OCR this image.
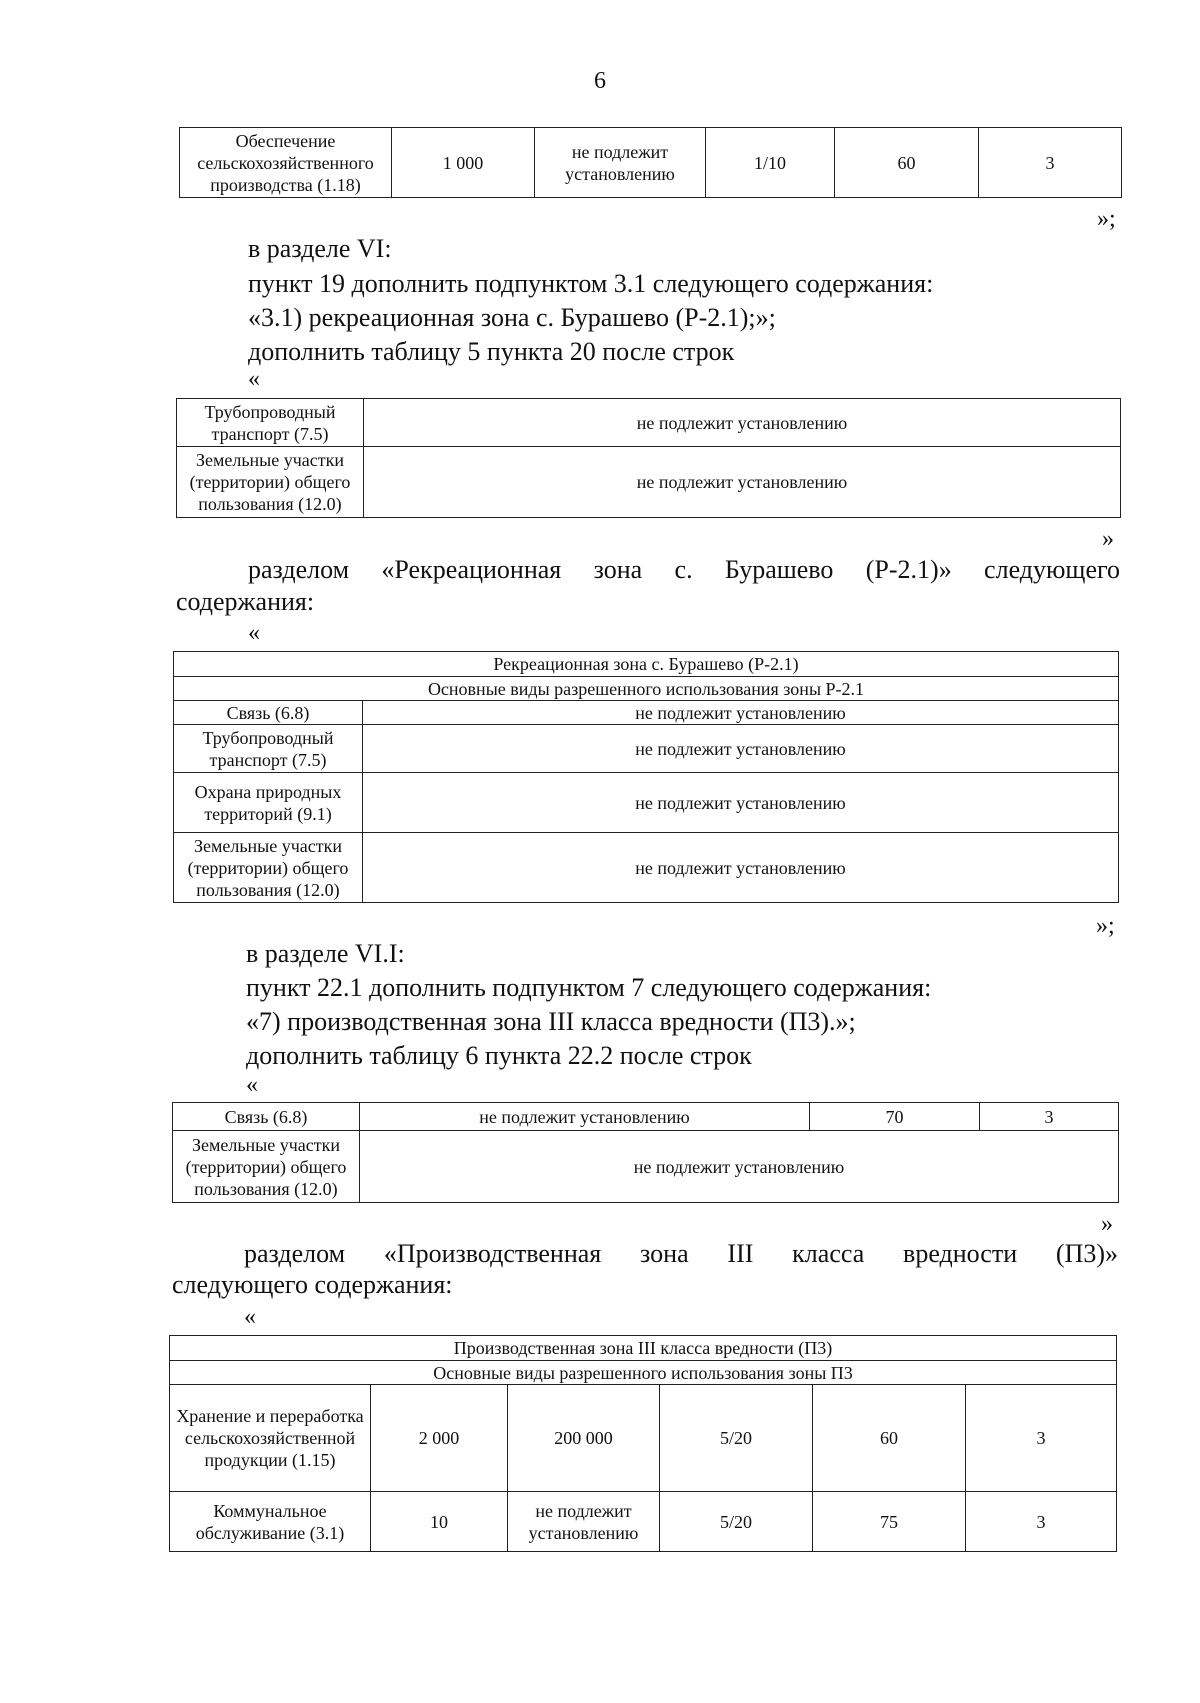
6
Обеспечение сельскохозяйственного производства (1.18)	1 000	не подлежит установлению	1/10	60	3
»;
в разделе VI:
пункт 19 дополнить подпунктом 3.1 следующего содержания:
«3.1) рекреационная зона с. Бурашево (Р-2.1);»;
дополнить таблицу 5 пункта 20 после строк
«
Трубопроводный транспорт (7.5)	не подлежит установлению
Земельные участки (территории) общего пользования (12.0)	не подлежит установлению
»
разделом «Рекреационная зона с. Бурашево (Р-2.1)» следующего
содержания:
«
Рекреационная зона с. Бурашево (Р-2.1)	
Основные виды разрешенного использования зоны Р-2.1	
Связь (6.8)	не подлежит установлению
Трубопроводный транспорт (7.5)	не подлежит установлению
Охрана природных территорий (9.1)	не подлежит установлению
Земельные участки (территории) общего пользования (12.0)	не подлежит установлению
»;
в разделе VI.I:
пункт 22.1 дополнить подпунктом 7 следующего содержания:
«7) производственная зона III класса вредности (П3).»;
дополнить таблицу 6 пункта 22.2 после строк
«
Связь (6.8)	не подлежит установлению	70	3
Земельные участки (территории) общего пользования (12.0)	не подлежит установлению		
»
разделом «Производственная зона III класса вредности (П3)»
следующего содержания:
«
Производственная зона III класса вредности (П3)					
Основные виды разрешенного использования зоны П3					
Хранение и переработка сельскохозяйственной продукции (1.15)	2 000	200 000	5/20	60	3
Коммунальное обслуживание (3.1)	10	не подлежит установлению	5/20	75	3
